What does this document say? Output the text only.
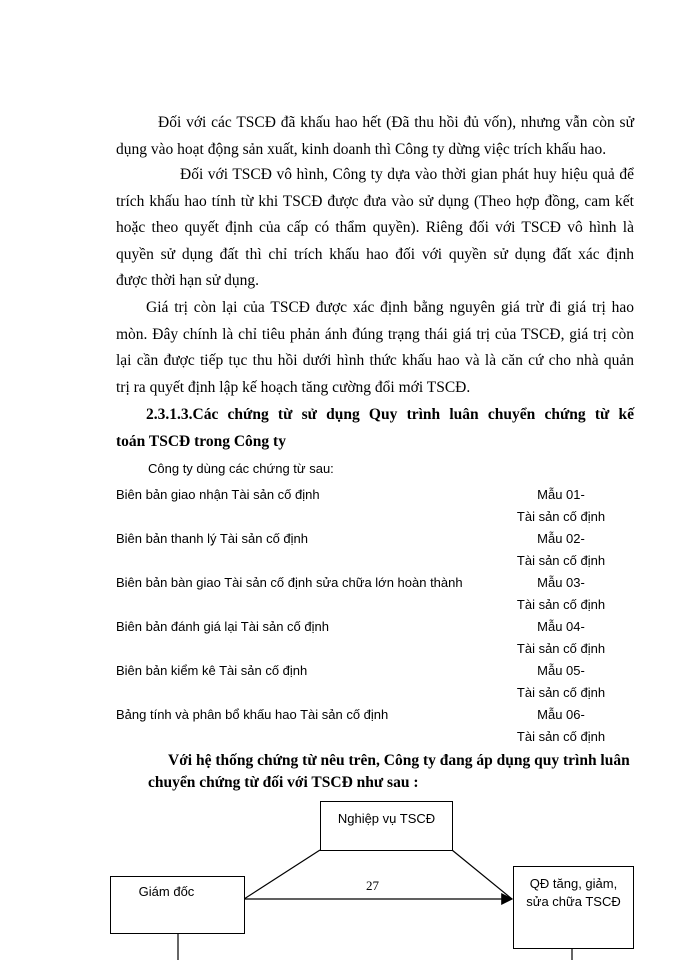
Đối với các TSCĐ đã khấu hao hết (Đã thu hồi đủ vốn), nhưng vẫn còn sử
dụng vào hoạt động sản xuất, kinh doanh thì Công ty dừng việc trích khấu hao.
Đối với TSCĐ vô hình, Công ty dựa vào thời gian phát huy hiệu quả để
trích khấu hao tính từ khi TSCĐ được đưa vào sử dụng (Theo hợp đồng, cam kết
hoặc theo quyết định của cấp có thẩm quyền). Riêng đối với TSCĐ vô hình là
quyền sử dụng đất thì chỉ trích khấu hao đối với quyền sử dụng đất xác định
được thời hạn sử dụng.
Giá trị còn lại của TSCĐ được xác định bằng nguyên giá trừ đi giá trị hao
mòn. Đây chính là chỉ tiêu phản ánh đúng trạng thái giá trị của TSCĐ, giá trị còn
lại cần được tiếp tục thu hồi dưới hình thức khấu hao và là căn cứ cho nhà quản
trị ra quyết định lập kế hoạch tăng cường đổi mới TSCĐ.
2.3.1.3.Các chứng từ sử dụng Quy trình luân chuyển chứng từ kế
toán TSCĐ trong Công ty
Công ty dùng các chứng từ sau:
Biên bản giao nhận Tài sản cố định	Mẫu 01-
Tài sản cố định
Biên bản thanh lý Tài sản cố định	Mẫu 02-
Tài sản cố định
Biên bản bàn giao Tài sản cố định sửa chữa lớn hoàn thành	Mẫu 03-
Tài sản cố định
Biên bản đánh giá lại Tài sản cố định	Mẫu 04-
Tài sản cố định
Biên bản kiểm kê Tài sản cố định	Mẫu 05-
Tài sản cố định
Bảng tính và phân bổ khấu hao Tài sản cố định	Mẫu 06-
Tài sản cố định
Với hệ thống chứng từ nêu trên, Công ty đang áp dụng quy trình luân
chuyển chứng từ đối với TSCĐ như sau :
Nghiệp vụ TSCĐ
Giám đốc
QĐ tăng, giảm,
sửa chữa TSCĐ
27
